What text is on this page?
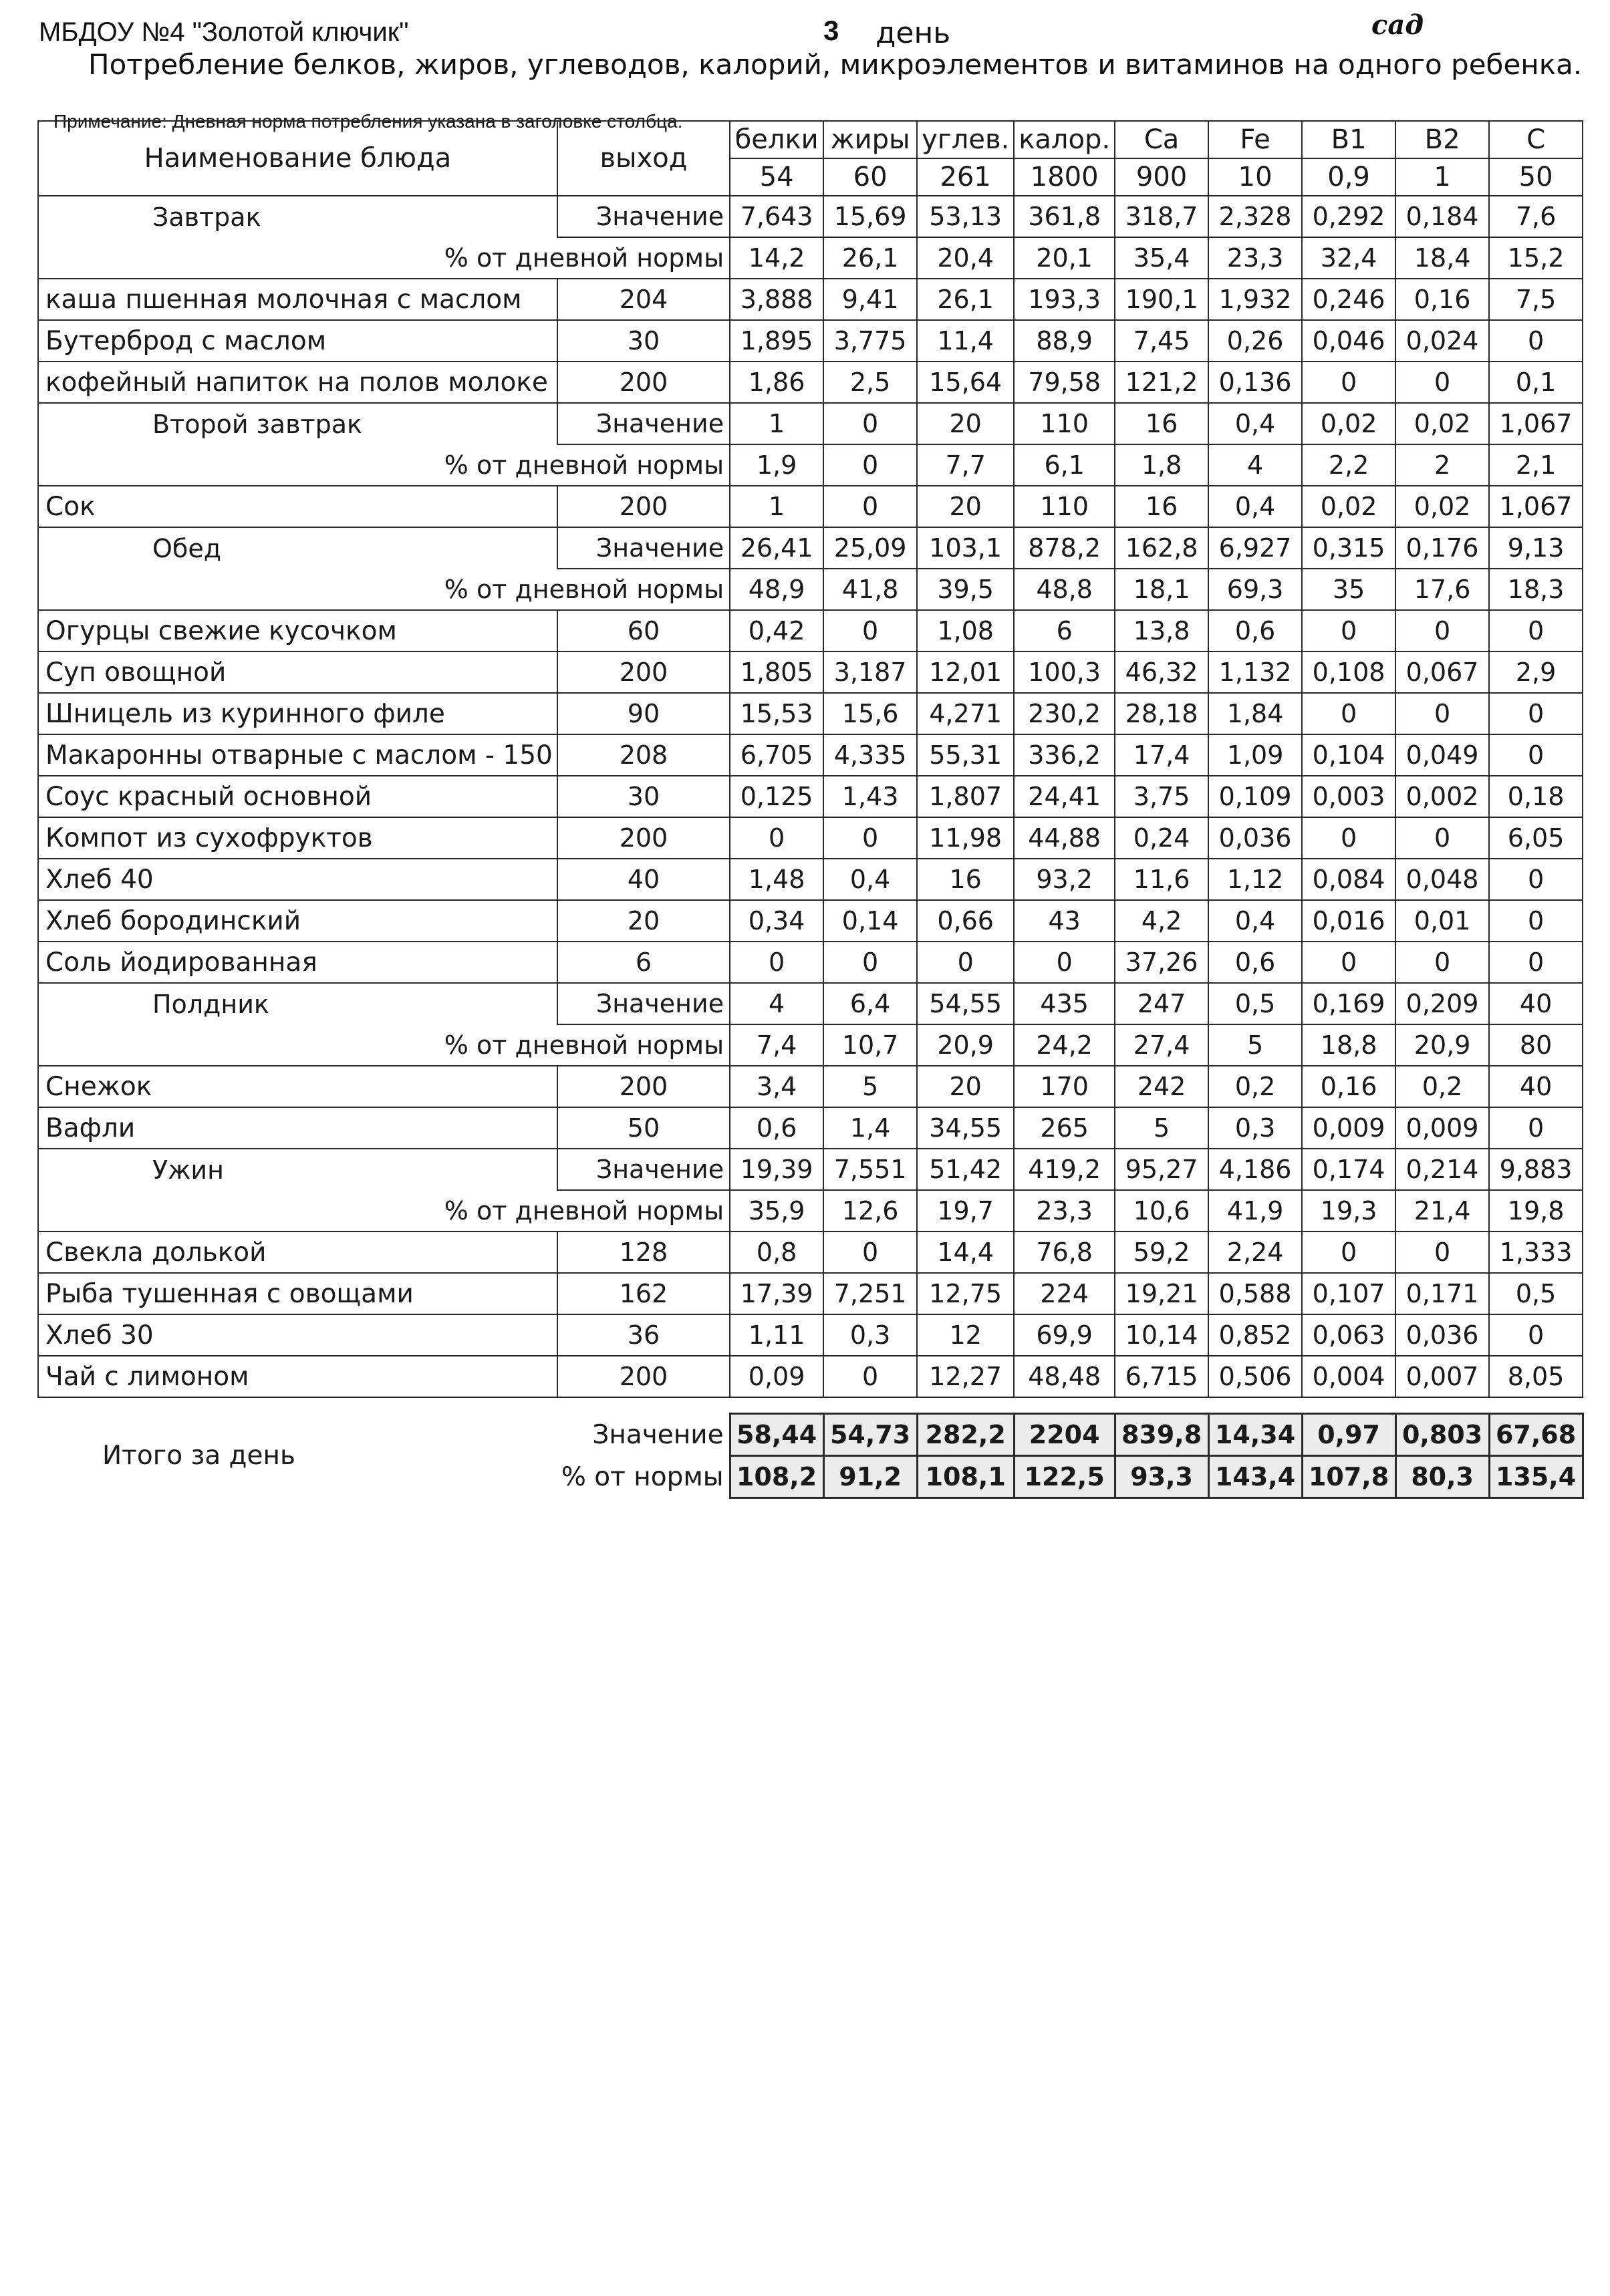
МБДОУ №4 "Золотой ключик"	3 день	сад
Потребление белков, жиров, углеводов, калорий, микроэлементов и витаминов на одного ребенка.
Примечание: Дневная норма потребления указана в заголовке столбца.
Наименование блюда	выход	белки	жиры	углев.	калор.	Ca	Fe	B1	B2	C
		54	60	261	1800	900	10	0,9	1	50
Завтрак	Значение	7,643	15,69	53,13	361,8	318,7	2,328	0,292	0,184	7,6
% от дневной нормы		14,2	26,1	20,4	20,1	35,4	23,3	32,4	18,4	15,2
каша пшенная молочная с маслом	204	3,888	9,41	26,1	193,3	190,1	1,932	0,246	0,16	7,5
Бутерброд с маслом	30	1,895	3,775	11,4	88,9	7,45	0,26	0,046	0,024	0
кофейный напиток на полов молоке	200	1,86	2,5	15,64	79,58	121,2	0,136	0	0	0,1
Второй завтрак	Значение	1	0	20	110	16	0,4	0,02	0,02	1,067
% от дневной нормы		1,9	0	7,7	6,1	1,8	4	2,2	2	2,1
Сок	200	1	0	20	110	16	0,4	0,02	0,02	1,067
Обед	Значение	26,41	25,09	103,1	878,2	162,8	6,927	0,315	0,176	9,13
% от дневной нормы		48,9	41,8	39,5	48,8	18,1	69,3	35	17,6	18,3
Огурцы свежие кусочком	60	0,42	0	1,08	6	13,8	0,6	0	0	0
Суп овощной	200	1,805	3,187	12,01	100,3	46,32	1,132	0,108	0,067	2,9
Шницель из куринного филе	90	15,53	15,6	4,271	230,2	28,18	1,84	0	0	0
Макаронны отварные с маслом - 150	208	6,705	4,335	55,31	336,2	17,4	1,09	0,104	0,049	0
Соус красный основной	30	0,125	1,43	1,807	24,41	3,75	0,109	0,003	0,002	0,18
Компот из сухофруктов	200	0	0	11,98	44,88	0,24	0,036	0	0	6,05
Хлеб 40	40	1,48	0,4	16	93,2	11,6	1,12	0,084	0,048	0
Хлеб бородинский	20	0,34	0,14	0,66	43	4,2	0,4	0,016	0,01	0
Соль йодированная	6	0	0	0	0	37,26	0,6	0	0	0
Полдник	Значение	4	6,4	54,55	435	247	0,5	0,169	0,209	40
% от дневной нормы		7,4	10,7	20,9	24,2	27,4	5	18,8	20,9	80
Снежок	200	3,4	5	20	170	242	0,2	0,16	0,2	40
Вафли	50	0,6	1,4	34,55	265	5	0,3	0,009	0,009	0
Ужин	Значение	19,39	7,551	51,42	419,2	95,27	4,186	0,174	0,214	9,883
% от дневной нормы		35,9	12,6	19,7	23,3	10,6	41,9	19,3	21,4	19,8
Свекла долькой	128	0,8	0	14,4	76,8	59,2	2,24	0	0	1,333
Рыба тушенная с овощами	162	17,39	7,251	12,75	224	19,21	0,588	0,107	0,171	0,5
Хлеб 30	36	1,11	0,3	12	69,9	10,14	0,852	0,063	0,036	0
Чай с лимоном	200	0,09	0	12,27	48,48	6,715	0,506	0,004	0,007	8,05

Итого за день	Значение	58,44	54,73	282,2	2204	839,8	14,34	0,97	0,803	67,68
	% от нормы	108,2	91,2	108,1	122,5	93,3	143,4	107,8	80,3	135,4
